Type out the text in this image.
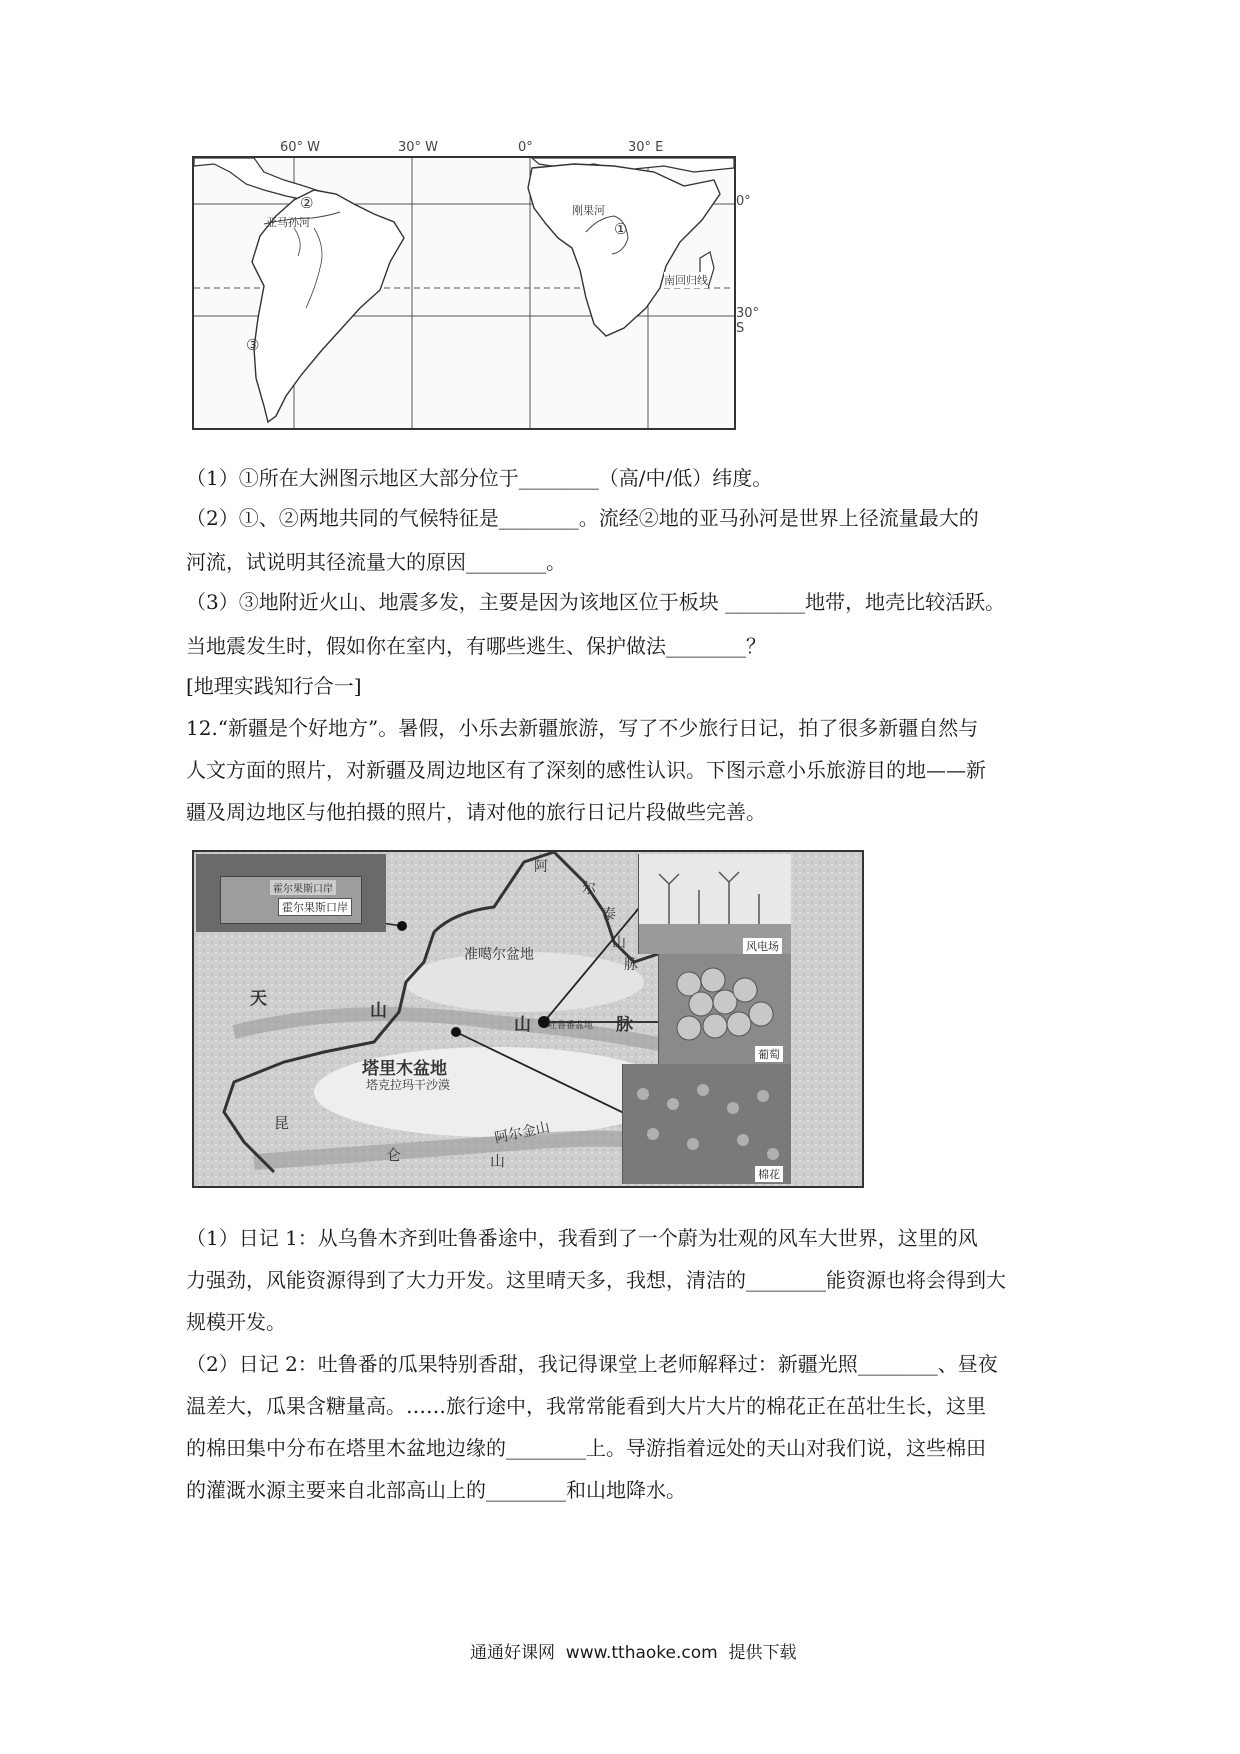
60° W	30° W	0°	30° E
②
亚马孙河
刚果河
①
③
南回归线
0°
30° S
（1）①所在大洲图示地区大部分位于________（高/中/低）纬度。
（2）①、②两地共同的气候特征是________。流经②地的亚马孙河是世界上径流量最大的
河流，试说明其径流量大的原因________。
（3）③地附近火山、地震多发，主要是因为该地区位于板块 ________地带，地壳比较活跃。
当地震发生时，假如你在室内，有哪些逃生、保护做法________？
[地理实践知行合一]
12.“新疆是个好地方”。暑假，小乐去新疆旅游，写了不少旅行日记，拍了很多新疆自然与
人文方面的照片，对新疆及周边地区有了深刻的感性认识。下图示意小乐旅游目的地——新
疆及周边地区与他拍摄的照片，请对他的旅行日记片段做些完善。
霍尔果斯口岸
霍尔果斯口岸
准噶尔盆地
天
山
山	脉
吐鲁番盆地
塔里木盆地
塔克拉玛干沙漠
阿尔金山
昆
仑	山
阿
尔
泰
山
脉
风电场
葡萄
棉花
（1）日记 1：从乌鲁木齐到吐鲁番途中，我看到了一个蔚为壮观的风车大世界，这里的风
力强劲，风能资源得到了大力开发。这里晴天多，我想，清洁的________能资源也将会得到大
规模开发。
（2）日记 2：吐鲁番的瓜果特别香甜，我记得课堂上老师解释过：新疆光照________、昼夜
温差大，瓜果含糖量高。……旅行途中，我常常能看到大片大片的棉花正在茁壮生长，这里
的棉田集中分布在塔里木盆地边缘的________上。导游指着远处的天山对我们说，这些棉田
的灌溉水源主要来自北部高山上的________和山地降水。
通通好课网  www.tthaoke.com  提供下载
